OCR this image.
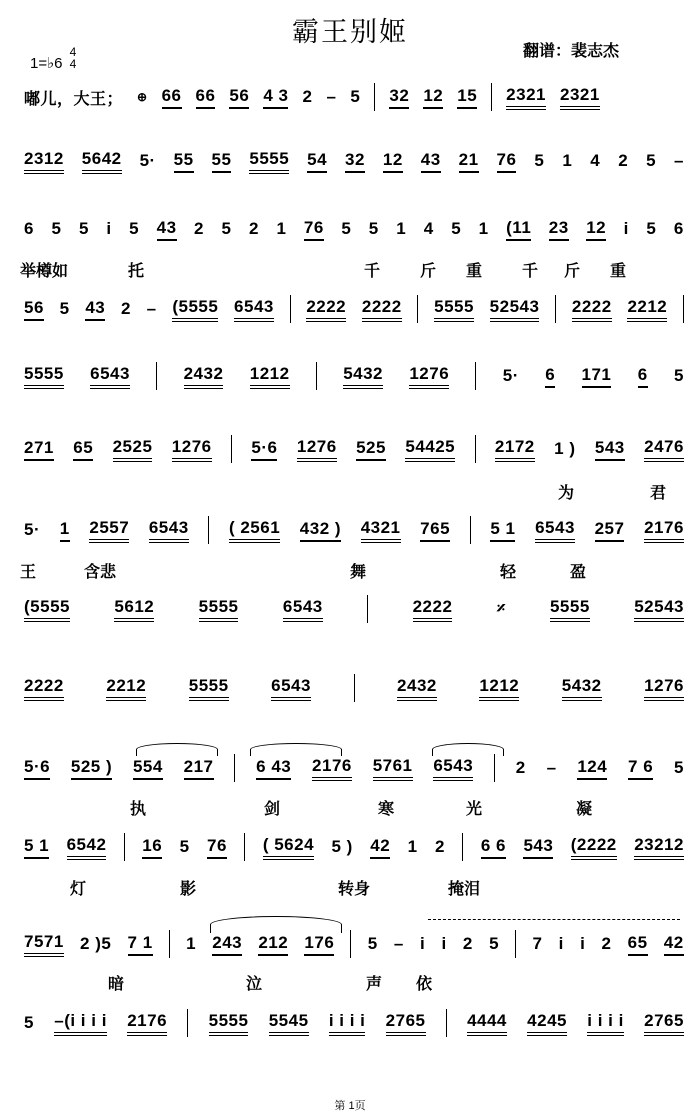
霸王别姬
翻谱：裴志杰
1=♭6
4
4
嘟儿，大王； ⊕ 66 66 56 4 3 2 – 5 32 12 15 2321 2321
2312 5642 5· 55 55 5555 54 32 12 43 21 76 5 1 4 2 5 –
6 5 5 i 5 43 2 5 2 1 76 5 5 1 4 5 1 (11 23 12 i 5 6
举樽如	托	千 斤 重 千 斤 重
56 5 43 2 – (5555 6543 2222 2222 5555 52543 2222 2212
5555 6543	2432 1212	5432 1276	5· 6 171 6 5
271 65 2525 1276 5·6 1276 525 54425 2172 1 ) 543 2476
为	君
5· 1 2557 6543 ( 2561 432 ) 4321 765 5 1 6543 257 2176
王	含悲	舞	轻	盈
(5555	5612	5555	6543	2222	𝄎	5555	52543
2222	2212	5555	6543	2432	1212	5432	1276
5·6 525 ) 554 217	6 43 2176 5761 6543	2 – 124 7 6 5
执	剑	寒	光	凝
5 1 6542 16 5 76 ( 5624 5 ) 42 1 2 6 6 543 (2222 23212
灯	影	转身	掩泪
7571 2 )5 7 1 1 243 212 176 5 – i i 2 5 7 i i 2 65 42
暗	泣	声 依
5 –(i i i i 2176 5555 5545 i i i i 2765 4444 4245 i i i i 2765
第 1页
